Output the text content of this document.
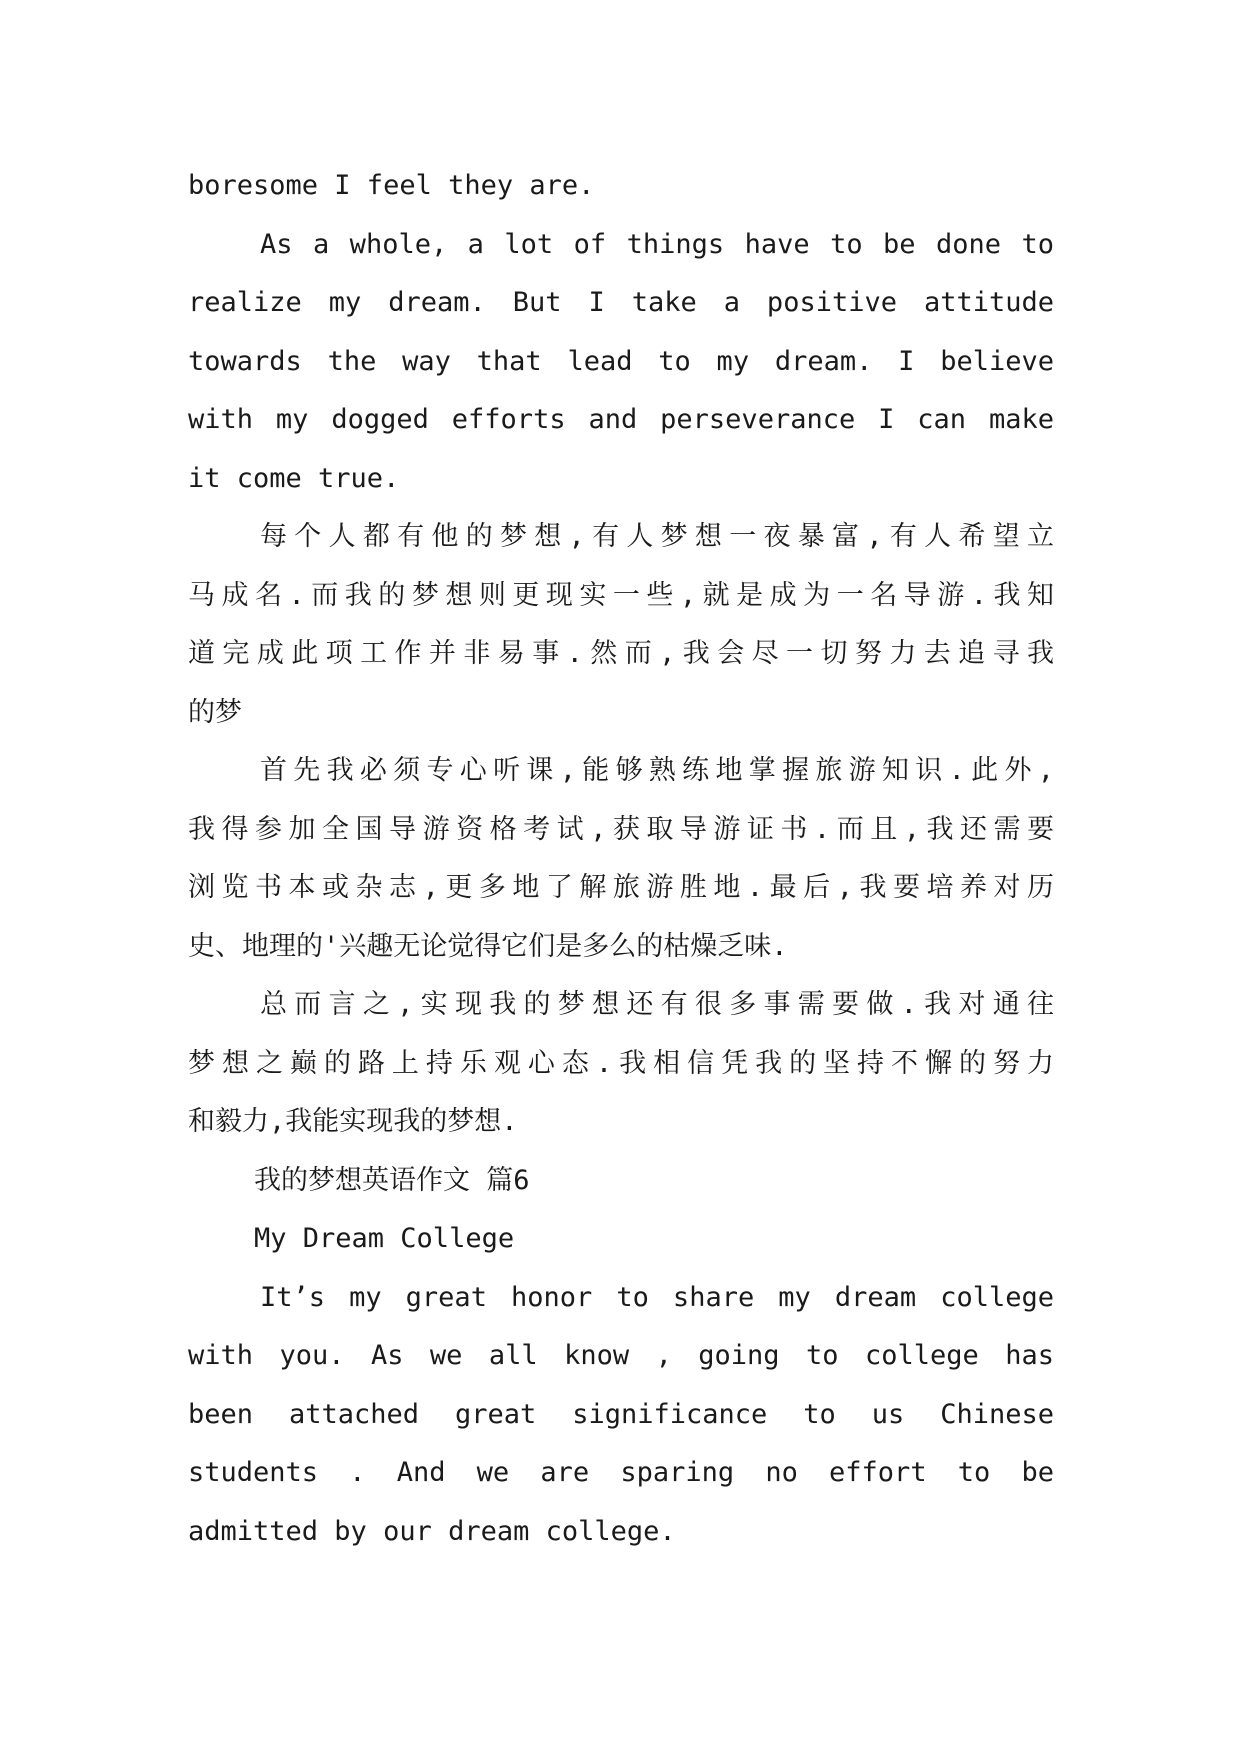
boresome I feel they are.
As a whole, a lot of things have to be done to
realize my dream. But I take a positive attitude
towards the way that lead to my dream. I believe
with my dogged efforts and perseverance I can make
it come true.
每个人都有他的梦想,有人梦想一夜暴富,有人希望立
马成名.而我的梦想则更现实一些,就是成为一名导游.我知
道完成此项工作并非易事.然而,我会尽一切努力去追寻我
的梦
首先我必须专心听课,能够熟练地掌握旅游知识.此外,
我得参加全国导游资格考试,获取导游证书.而且,我还需要
浏览书本或杂志,更多地了解旅游胜地.最后,我要培养对历
史、地理的'兴趣无论觉得它们是多么的枯燥乏味.
总而言之,实现我的梦想还有很多事需要做.我对通往
梦想之巅的路上持乐观心态.我相信凭我的坚持不懈的努力
和毅力,我能实现我的梦想.
我的梦想英语作文 篇6
My Dream College
It’s my great honor to share my dream college
with you. As we all know , going to college has
been attached great significance to us Chinese
students . And we are sparing no effort to be
admitted by our dream college.
